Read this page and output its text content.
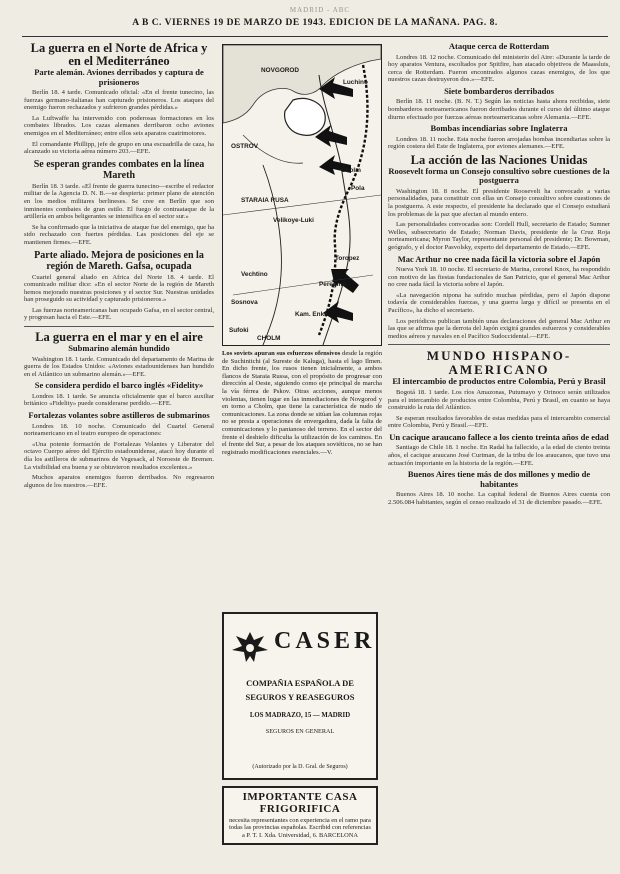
MADRID - ABC
A B C. VIERNES 19 DE MARZO DE 1943. EDICION DE LA MAÑANA. PAG. 8.
La guerra en el Norte de Africa y en el Mediterráneo
Parte alemán. Aviones derribados y captura de prisioneros

Berlín 18. 4 tarde. Comunicado oficial: «En el frente tunecino, las fuerzas germano-italianas han capturado prisioneros. Los ataques del enemigo fueron rechazados y sufrieron grandes pérdidas.»

La Luftwaffe ha intervenido con poderosas formaciones en los combates librados. Los cazas alemanes derribaron ocho aviones enemigos en el Mediterráneo; entre ellos seis aparatos cuatrimotores.

El comandante Phillipp, jefe de grupo en una escuadrilla de caza, ha alcanzado su victoria aérea número 203.—EFE.

Se esperan grandes combates en la línea Mareth

Berlín 18. 3 tarde. «El frente de guerra tunecino—escribe el redactor militar de la Agencia D. N. B.—se despierta: primer plano de atención en los medios militares berlineses. Se cree en Berlín que son inminentes combates de gran estilo. El fuego de contraataque de la artillería en ambos beligerantes se intensifica en el sector sur.»

Se ha confirmado que la iniciativa de ataque fue del enemigo, que ha sido rechazado con fuertes pérdidas. Las posiciones del eje se mantienen firmes.—EFE.

Parte aliado. Mejora de posiciones en la región de Mareth. Gafsa, ocupada

Cuartel general aliado en Africa del Norte 18. 4 tarde. El comunicado militar dice: «En el sector Norte de la región de Mareth hemos mejorado nuestras posiciones y el sector Sur. Nuestras unidades han proseguido su actividad y capturado prisioneros.»

Las fuerzas norteamericanas han ocupado Gafsa, en el sector central, y progresan hacia el Este.—EFE.

La guerra en el mar y en el aire
Submarino alemán hundido

Washington 18. 1 tarde. Comunicado del departamento de Marina de guerra de los Estados Unidos: «Aviones estadounidenses han hundido en el Atlántico un submarino alemán.»—EFE.

Se considera perdido el barco inglés «Fidelity»

Londres 18. 1 tarde. Se anuncia oficialmente que el barco auxiliar británico «Fidelity» puede considerarse perdido.—EFE.

Fortalezas volantes sobre astilleros de submarinos

Londres 18. 10 noche. Comunicado del Cuartel General norteamericano en el teatro europeo de operaciones:

«Una potente formación de Fortalezas Volantes y Liberator del octavo Cuerpo aéreo del Ejército estadounidense, atacó hoy durante el día los astilleros de submarinos de Vegesack, al Noroeste de Bremen. La visibilidad era buena y se obtuvieron resultados excelentes.»

Muchos aparatos enemigos fueron derribados. No regresaron algunos de los nuestros.—EFE.

NOVGOROD
Luchino
OSTROV
STARAIA RUSA
Velikoye-Luki
Pola
Cholm
Toropez
Vechtino
Peregino
Sosnova
Kam. Enka
Sufoki
CHOLM
Los soviets apuran sus esfuerzos ofensivos desde la región de Suchinitchi (al Sureste de Kaluga), hasta el lago Ilmen. En dicho frente, los rusos tienen inicialmente, a ambos flancos de Staraia Russa, con el propósito de progresar con dirección al Oeste, siguiendo como eje principal de marcha la vía férrea de Pskov. Otras acciones, aunque menos violentas, tienen lugar en las inmediaciones de Novgorod y en torno a Cholm, que tiene la característica de nudo de comunicaciones. La zona donde se sitúan las columnas rojas no se presta a operaciones de envergadura, dada la falta de comunicaciones y lo pantanoso del terreno. En el sector del frente el deshielo dificulta la utilización de los caminos. En el frente del Sur, a pesar de los ataques soviéticos, no se han registrado modificaciones esenciales.—V.
CASER
COMPAÑIA ESPAÑOLA DE
SEGUROS Y REASEGUROS
LOS MADRAZO, 15 — MADRID
SEGUROS EN GENERAL
(Autorizado por la D. Gral. de Seguros)
IMPORTANTE CASA FRIGORIFICA
necesita representantes con experiencia en el ramo para todas las provincias españolas. Escribid con referencias a P. T. I. Xda. Universidad, 6. BARCELONA
Ataque cerca de Rotterdam

Londres 18. 12 noche. Comunicado del ministerio del Aire: «Durante la tarde de hoy aparatos Ventura, escoltados por Spitfire, han atacado objetivos de Maassluis, cerca de Rotterdam. Fueron encontrados algunos cazas enemigos, de los que nuestros cazas destruyeron dos.»—EFE.

Siete bombarderos derribados

Berlín 18. 11 noche. (B. N. T.) Según las noticias hasta ahora recibidas, siete bombarderos norteamericanos fueron derribados durante el curso del último ataque diurno efectuado por fuerzas aéreas norteamericanas sobre Alemania.—EFE.

Bombas incendiarias sobre Inglaterra

Londres 18. 11 noche. Esta noche fueron arrojadas bombas incendiarias sobre la región costera del Este de Inglaterra, por aviones alemanes.—EFE.

La acción de las Naciones Unidas
Roosevelt forma un Consejo consultivo sobre cuestiones de la postguerra

Washington 18. 8 noche. El presidente Roosevelt ha convocado a varias personalidades, para constituir con ellas un Consejo consultivo sobre cuestiones de la postguerra. A este respecto, el presidente ha declarado que el Consejo estudiará los problemas de la paz que afectan al mundo entero.

Las personalidades convocadas son: Cordell Hull, secretario de Estado; Sumner Welles, subsecretario de Estado; Norman Davis, presidente de la Cruz Roja norteamericana; Myron Taylor, representante personal del presidente; Dr. Bowman, geógrafo, y el doctor Pasvolsky, experto del departamento de Estado.—EFE.

Mac Arthur no cree nada fácil la victoria sobre el Japón

Nueva York 18. 10 noche. El secretario de Marina, coronel Knox, ha respondido con motivo de las fiestas fundacionales de San Patricio, que el general Mac Arthur no cree nada fácil la victoria sobre el Japón.

«La navegación nipona ha sufrido muchas pérdidas, pero el Japón dispone todavía de considerables fuerzas, y una guerra larga y difícil se presenta en el Pacífico», ha dicho el secretario.

Los periódicos publican también unas declaraciones del general Mac Arthur en las que se afirma que la derrota del Japón exigirá grandes esfuerzos y considerables medios aéreos y navales en el Pacífico Sudoccidental.—EFE.

MUNDO HISPANO-AMERICANO
El intercambio de productos entre Colombia, Perú y Brasil

Bogotá 18. 1 tarde. Los ríos Amazonas, Putumayo y Orinoco serán utilizados para el intercambio de productos entre Colombia, Perú y Brasil, en cuanto se haya construido la ruta del Atlántico.

Se esperan resultados favorables de estas medidas para el intercambio comercial entre Colombia, Perú y Brasil.—EFE.

Un cacique araucano fallece a los ciento treinta años de edad

Santiago de Chile 18. 1 noche. En Radal ha fallecido, a la edad de ciento treinta años, el cacique araucano José Curiman, de la tribu de los araucanos, que tuvo una actuación importante en la historia de la región.—EFE.

Buenos Aires tiene más de dos millones y medio de habitantes

Buenos Aires 18. 10 noche. La capital federal de Buenos Aires cuenta con 2.506.084 habitantes, según el censo realizado el 31 de diciembre pasado.—EFE.
